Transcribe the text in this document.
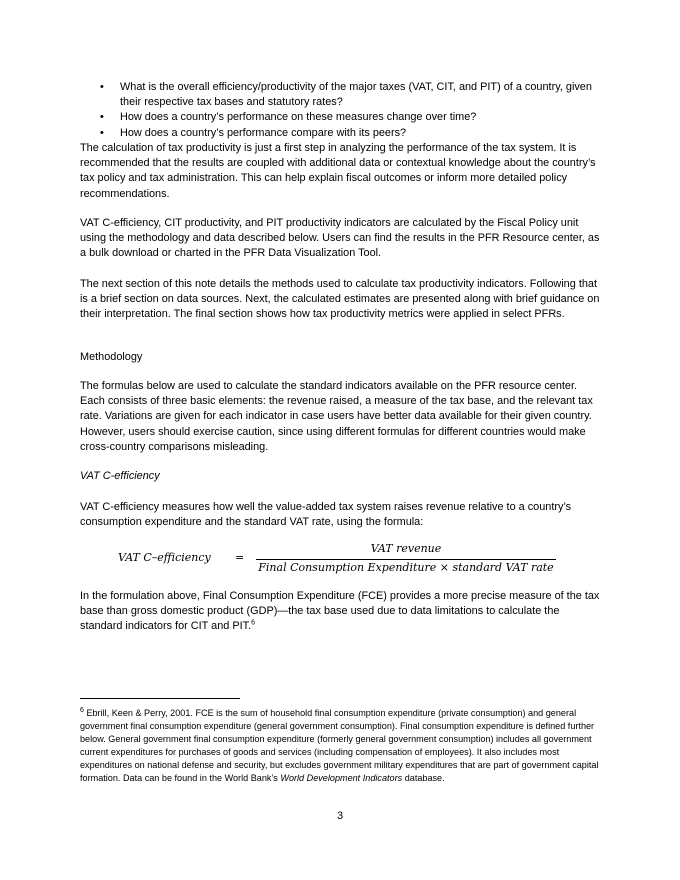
• What is the overall efficiency/productivity of the major taxes (VAT, CIT, and PIT) of a country, given their respective tax bases and statutory rates?
• How does a country’s performance on these measures change over time?
• How does a country’s performance compare with its peers?

The calculation of tax productivity is just a first step in analyzing the performance of the tax system. It is recommended that the results are coupled with additional data or contextual knowledge about the country’s tax policy and tax administration. This can help explain fiscal outcomes or inform more detailed policy recommendations.

VAT C-efficiency, CIT productivity, and PIT productivity indicators are calculated by the Fiscal Policy unit using the methodology and data described below. Users can find the results in the PFR Resource center, as a bulk download or charted in the PFR Data Visualization Tool.

The next section of this note details the methods used to calculate tax productivity indicators. Following that is a brief section on data sources. Next, the calculated estimates are presented along with brief guidance on their interpretation. The final section shows how tax productivity metrics were applied in select PFRs.

Methodology

The formulas below are used to calculate the standard indicators available on the PFR resource center. Each consists of three basic elements: the revenue raised, a measure of the tax base, and the relevant tax rate. Variations are given for each indicator in case users have better data available for their given country. However, users should exercise caution, since using different formulas for different countries would make cross-country comparisons misleading.

VAT C-efficiency

VAT C-efficiency measures how well the value-added tax system raises revenue relative to a country’s consumption expenditure and the standard VAT rate, using the formula:

VAT C–efficiency =
VAT revenue
Final Consumption Expenditure × standard VAT rate

In the formulation above, Final Consumption Expenditure (FCE) provides a more precise measure of the tax base than gross domestic product (GDP)—the tax base used due to data limitations to calculate the standard indicators for CIT and PIT.$^6$

$^6$ Ebrill, Keen & Perry, 2001. FCE is the sum of household final consumption expenditure (private consumption) and general government final consumption expenditure (general government consumption). Final consumption expenditure is defined further below. General government final consumption expenditure (formerly general government consumption) includes all government current expenditures for purchases of goods and services (including compensation of employees). It also includes most expenditures on national defense and security, but excludes government military expenditures that are part of government capital formation. Data can be found in the World Bank’s World Development Indicators database.

3
